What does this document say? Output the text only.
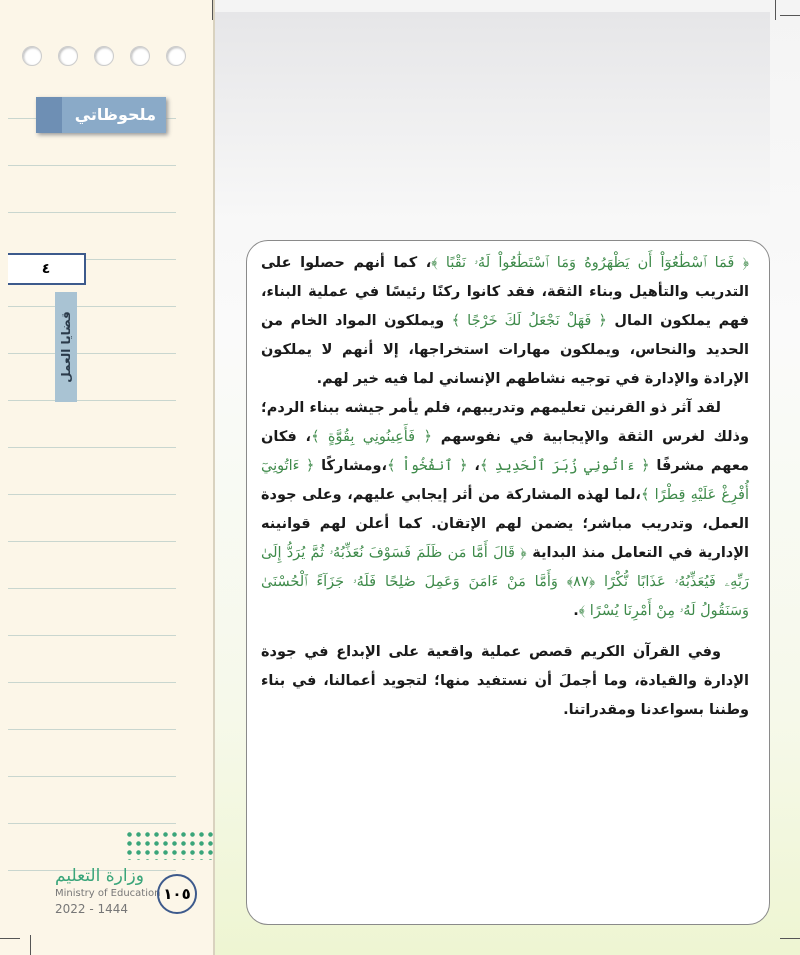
ملحوظاتي
٤
قضايا العمل
وزارة التعليم
Ministry of Education
2022 - 1444
١٠٥

﴿ فَمَا ٱسْطَٰعُوٓاْ أَن يَظْهَرُوهُ وَمَا ٱسْتَطَٰعُواْ لَهُۥ نَقْبًا ﴾، كما أنهم حصلوا على التدريب والتأهيل وبناء الثقة، فقد كانوا ركنًا رئيسًا في عملية البناء، فهم يملكون المال ﴿ فَهَلْ نَجْعَلُ لَكَ خَرْجًا ﴾ ويملكون المواد الخام من الحديد والنحاس، ويملكون مهارات استخراجها، إلا أنهم لا يملكون الإرادة والإدارة في توجيه نشاطهم الإنساني لما فيه خير لهم.

لقد آثر ذو القرنين تعليمهم وتدريبهم، فلم يأمر جيشه ببناء الردم؛ وذلك لغرس الثقة والإيجابية في نفوسهم ﴿ فَأَعِينُونِي بِقُوَّةٍ ﴾، فكان معهم مشرفًا ﴿ ءَاتُونِي زُبَرَ ٱلْحَدِيدِ ﴾، ﴿ ٱنفُخُواْ ﴾،ومشاركًا ﴿ ءَاتُونِيٓ أُفْرِغْ عَلَيْهِ قِطْرًا ﴾،لما لهذه المشاركة من أثر إيجابي عليهم، وعلى جودة العمل، وتدريب مباشر؛ يضمن لهم الإتقان. كما أعلن لهم قوانينه الإدارية في التعامل منذ البداية ﴿ قَالَ أَمَّا مَن ظَلَمَ فَسَوْفَ نُعَذِّبُهُۥ ثُمَّ يُرَدُّ إِلَىٰ رَبِّهِۦ فَيُعَذِّبُهُۥ عَذَابًا نُّكْرًا ﴿٨٧﴾ وَأَمَّا مَنْ ءَامَنَ وَعَمِلَ صَٰلِحًا فَلَهُۥ جَزَآءً ٱلْحُسْنَىٰ وَسَنَقُولُ لَهُۥ مِنْ أَمْرِنَا يُسْرًا ﴾.

وفي القرآن الكريم قصص عملية واقعية على الإبداع في جودة الإدارة والقيادة، وما أجملَ أن نستفيد منها؛ لتجويد أعمالنا، في بناء وطننا بسواعدنا ومقدراتنا.
